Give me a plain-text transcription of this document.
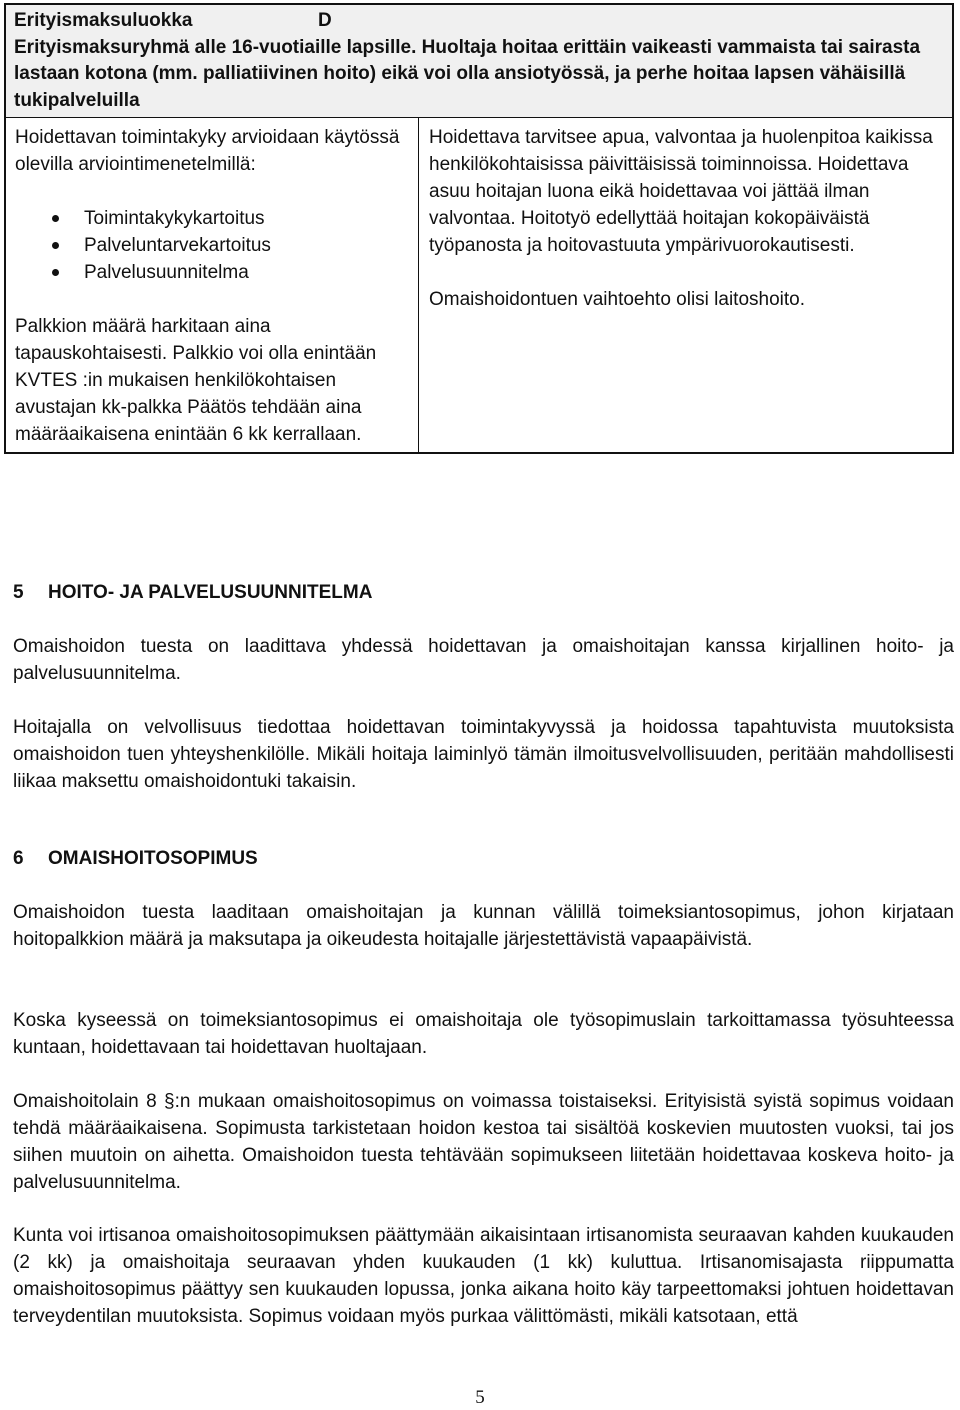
Erityismaksuluokka	D
Erityismaksuryhmä alle 16-vuotiaille lapsille. Huoltaja hoitaa erittäin vaikeasti vammaista tai sairasta lastaan kotona (mm. palliatiivinen hoito) eikä voi olla ansiotyössä, ja perhe hoitaa lapsen vähäisillä tukipalveluilla
Hoidettavan toimintakyky arvioidaan käytössä olevilla arviointimenetelmillä:
Toimintakykykartoitus
Palveluntarvekartoitus
Palvelusuunnitelma
Palkkion määrä harkitaan aina tapauskohtaisesti. Palkkio voi olla enintään KVTES :in mukaisen henkilökohtaisen avustajan kk-palkka Päätös tehdään aina määräaikaisena enintään 6 kk kerrallaan.
Hoidettava tarvitsee apua, valvontaa ja huolenpitoa kaikissa henkilökohtaisissa päivittäisissä toiminnoissa. Hoidettava asuu hoitajan luona eikä hoidettavaa voi jättää ilman valvontaa. Hoitotyö edellyttää hoitajan kokopäiväistä työpanosta ja hoitovastuuta ympärivuorokautisesti.
Omaishoidontuen vaihtoehto olisi laitoshoito.
5 HOITO- JA PALVELUSUUNNITELMA
Omaishoidon tuesta on laadittava yhdessä hoidettavan ja omaishoitajan kanssa kirjallinen hoito- ja palvelusuunnitelma.
Hoitajalla on velvollisuus tiedottaa hoidettavan toimintakyvyssä ja hoidossa tapahtuvista muutoksista omaishoidon tuen yhteyshenkilölle. Mikäli hoitaja laiminlyö tämän ilmoitusvelvollisuuden, peritään mahdollisesti liikaa maksettu omaishoidontuki takaisin.
6 OMAISHOITOSOPIMUS
Omaishoidon tuesta laaditaan omaishoitajan ja kunnan välillä toimeksiantosopimus, johon kirjataan hoitopalkkion määrä ja maksutapa ja oikeudesta hoitajalle järjestettävistä vapaapäivistä.
Koska kyseessä on toimeksiantosopimus ei omaishoitaja ole työsopimuslain tarkoittamassa työsuhteessa kuntaan, hoidettavaan tai hoidettavan huoltajaan.
Omaishoitolain 8 §:n mukaan omaishoitosopimus on voimassa toistaiseksi. Erityisistä syistä sopimus voidaan tehdä määräaikaisena. Sopimusta tarkistetaan hoidon kestoa tai sisältöä koskevien muutosten vuoksi, tai jos siihen muutoin on aihetta. Omaishoidon tuesta tehtävään sopimukseen liitetään hoidettavaa koskeva hoito- ja palvelusuunnitelma.
Kunta voi irtisanoa omaishoitosopimuksen päättymään aikaisintaan irtisanomista seuraavan kahden kuukauden (2 kk) ja omaishoitaja seuraavan yhden kuukauden (1 kk) kuluttua. Irtisanomisajasta riippumatta omaishoitosopimus päättyy sen kuukauden lopussa, jonka aikana hoito käy tarpeettomaksi johtuen hoidettavan terveydentilan muutoksista. Sopimus voidaan myös purkaa välittömästi, mikäli katsotaan, että
5
